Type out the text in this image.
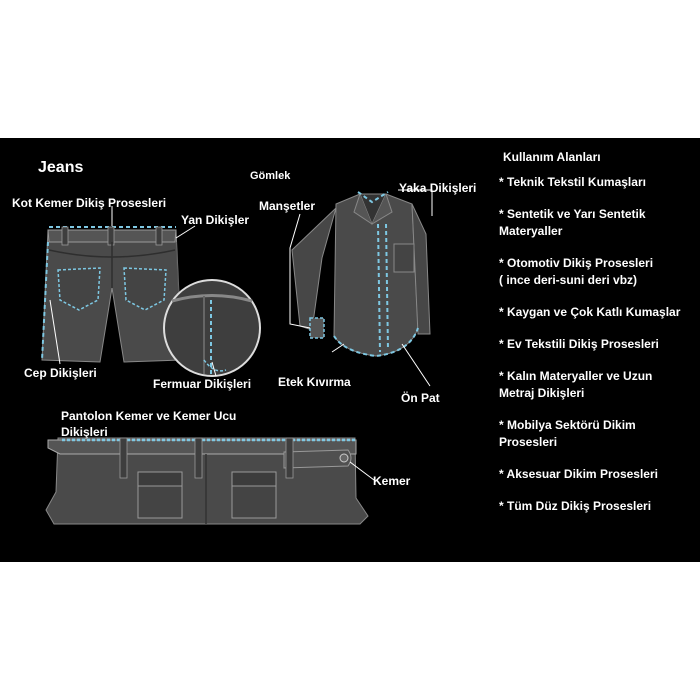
Jeans
Kot Kemer Dikiş Prosesleri
Yan Dikişler
Cep Dikişleri
Fermuar Dikişleri
Gömlek
Yaka Dikişleri
Manşetler
Etek Kıvırma
Ön Pat
Pantolon Kemer ve Kemer Ucu
Dikişleri
Kemer
Kullanım Alanları
* Teknik Tekstil Kumaşları
* Sentetik ve Yarı Sentetik
Materyaller
* Otomotiv Dikiş Prosesleri
( ince deri-suni deri vbz)
* Kaygan ve Çok Katlı Kumaşlar
* Ev Tekstili Dikiş Prosesleri
* Kalın Materyaller ve Uzun
Metraj Dikişleri
* Mobilya Sektörü Dikim
Prosesleri
* Aksesuar Dikim Prosesleri
* Tüm Düz Dikiş Prosesleri
